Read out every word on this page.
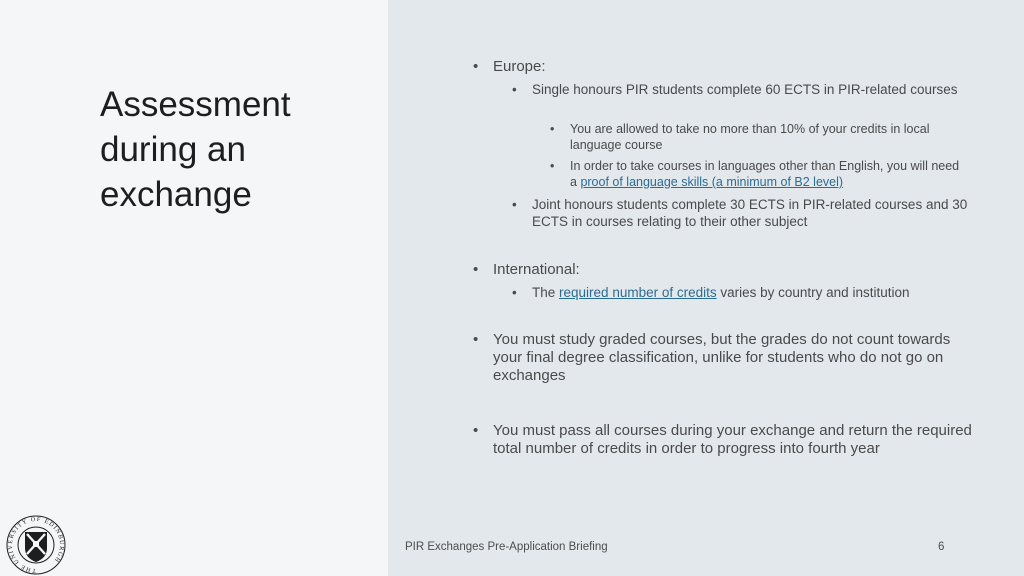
Assessment
during an
exchange
THE UNIVERSITY OF EDINBURGH
• Europe:
• Single honours PIR students complete 60 ECTS in PIR-related courses
• You are allowed to take no more than 10% of your credits in local language course
• In order to take courses in languages other than English, you will need a proof of language skills (a minimum of B2 level)
• Joint honours students complete 30 ECTS in PIR-related courses and 30 ECTS in courses relating to their other subject
• International:
• The required number of credits varies by country and institution
• You must study graded courses, but the grades do not count towards your final degree classification, unlike for students who do not go on exchanges
• You must pass all courses during your exchange and return the required total number of credits in order to progress into fourth year
PIR Exchanges Pre-Application Briefing	6
